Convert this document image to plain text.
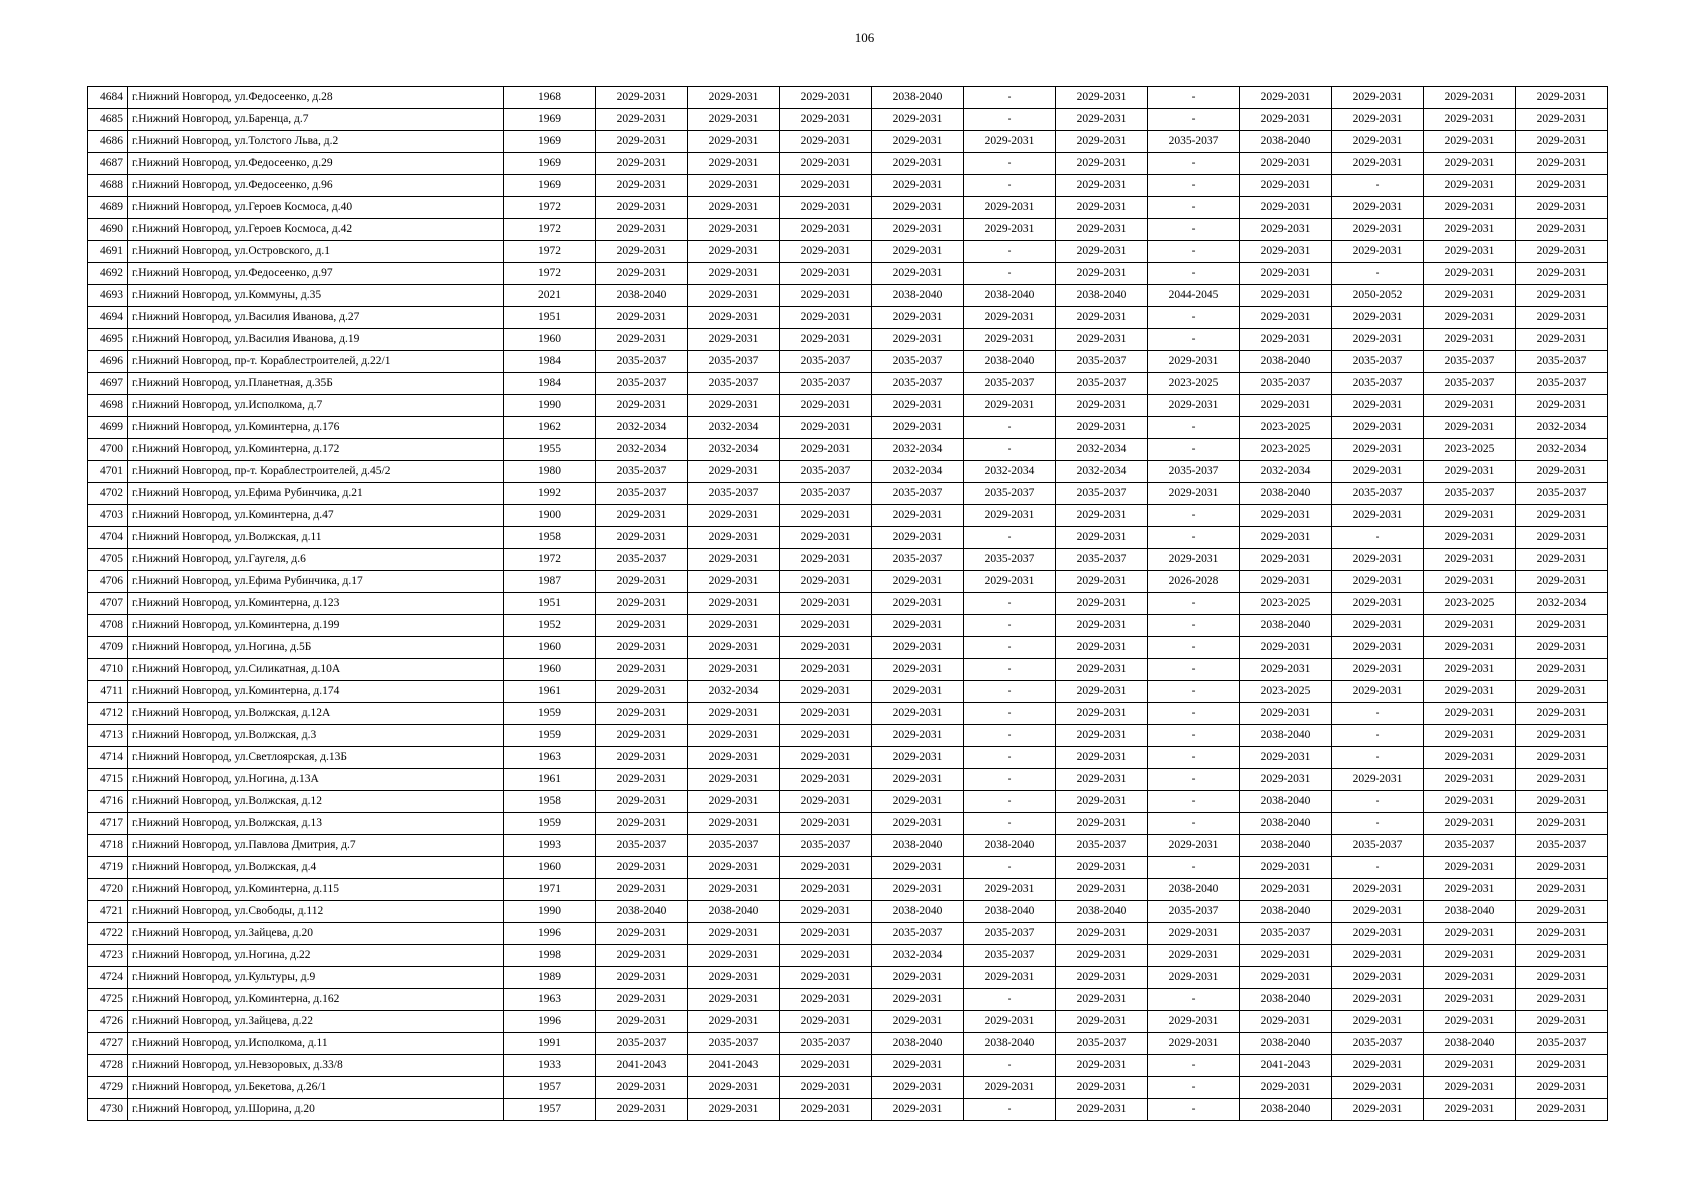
106
4684	г.Нижний Новгород, ул.Федосеенко, д.28	1968	2029-2031	2029-2031	2029-2031	2038-2040	-	2029-2031	-	2029-2031	2029-2031	2029-2031	2029-2031
4685	г.Нижний Новгород, ул.Баренца, д.7	1969	2029-2031	2029-2031	2029-2031	2029-2031	-	2029-2031	-	2029-2031	2029-2031	2029-2031	2029-2031
4686	г.Нижний Новгород, ул.Толстого Льва, д.2	1969	2029-2031	2029-2031	2029-2031	2029-2031	2029-2031	2029-2031	2035-2037	2038-2040	2029-2031	2029-2031	2029-2031
4687	г.Нижний Новгород, ул.Федосеенко, д.29	1969	2029-2031	2029-2031	2029-2031	2029-2031	-	2029-2031	-	2029-2031	2029-2031	2029-2031	2029-2031
4688	г.Нижний Новгород, ул.Федосеенко, д.96	1969	2029-2031	2029-2031	2029-2031	2029-2031	-	2029-2031	-	2029-2031	-	2029-2031	2029-2031
4689	г.Нижний Новгород, ул.Героев Космоса, д.40	1972	2029-2031	2029-2031	2029-2031	2029-2031	2029-2031	2029-2031	-	2029-2031	2029-2031	2029-2031	2029-2031
4690	г.Нижний Новгород, ул.Героев Космоса, д.42	1972	2029-2031	2029-2031	2029-2031	2029-2031	2029-2031	2029-2031	-	2029-2031	2029-2031	2029-2031	2029-2031
4691	г.Нижний Новгород, ул.Островского, д.1	1972	2029-2031	2029-2031	2029-2031	2029-2031	-	2029-2031	-	2029-2031	2029-2031	2029-2031	2029-2031
4692	г.Нижний Новгород, ул.Федосеенко, д.97	1972	2029-2031	2029-2031	2029-2031	2029-2031	-	2029-2031	-	2029-2031	-	2029-2031	2029-2031
4693	г.Нижний Новгород, ул.Коммуны, д.35	2021	2038-2040	2029-2031	2029-2031	2038-2040	2038-2040	2038-2040	2044-2045	2029-2031	2050-2052	2029-2031	2029-2031
4694	г.Нижний Новгород, ул.Василия Иванова, д.27	1951	2029-2031	2029-2031	2029-2031	2029-2031	2029-2031	2029-2031	-	2029-2031	2029-2031	2029-2031	2029-2031
4695	г.Нижний Новгород, ул.Василия Иванова, д.19	1960	2029-2031	2029-2031	2029-2031	2029-2031	2029-2031	2029-2031	-	2029-2031	2029-2031	2029-2031	2029-2031
4696	г.Нижний Новгород, пр-т. Кораблестроителей, д.22/1	1984	2035-2037	2035-2037	2035-2037	2035-2037	2038-2040	2035-2037	2029-2031	2038-2040	2035-2037	2035-2037	2035-2037
4697	г.Нижний Новгород, ул.Планетная, д.35Б	1984	2035-2037	2035-2037	2035-2037	2035-2037	2035-2037	2035-2037	2023-2025	2035-2037	2035-2037	2035-2037	2035-2037
4698	г.Нижний Новгород, ул.Исполкома, д.7	1990	2029-2031	2029-2031	2029-2031	2029-2031	2029-2031	2029-2031	2029-2031	2029-2031	2029-2031	2029-2031	2029-2031
4699	г.Нижний Новгород, ул.Коминтерна, д.176	1962	2032-2034	2032-2034	2029-2031	2029-2031	-	2029-2031	-	2023-2025	2029-2031	2029-2031	2032-2034
4700	г.Нижний Новгород, ул.Коминтерна, д.172	1955	2032-2034	2032-2034	2029-2031	2032-2034	-	2032-2034	-	2023-2025	2029-2031	2023-2025	2032-2034
4701	г.Нижний Новгород, пр-т. Кораблестроителей, д.45/2	1980	2035-2037	2029-2031	2035-2037	2032-2034	2032-2034	2032-2034	2035-2037	2032-2034	2029-2031	2029-2031	2029-2031
4702	г.Нижний Новгород, ул.Ефима Рубинчика, д.21	1992	2035-2037	2035-2037	2035-2037	2035-2037	2035-2037	2035-2037	2029-2031	2038-2040	2035-2037	2035-2037	2035-2037
4703	г.Нижний Новгород, ул.Коминтерна, д.47	1900	2029-2031	2029-2031	2029-2031	2029-2031	2029-2031	2029-2031	-	2029-2031	2029-2031	2029-2031	2029-2031
4704	г.Нижний Новгород, ул.Волжская, д.11	1958	2029-2031	2029-2031	2029-2031	2029-2031	-	2029-2031	-	2029-2031	-	2029-2031	2029-2031
4705	г.Нижний Новгород, ул.Гаугеля, д.6	1972	2035-2037	2029-2031	2029-2031	2035-2037	2035-2037	2035-2037	2029-2031	2029-2031	2029-2031	2029-2031	2029-2031
4706	г.Нижний Новгород, ул.Ефима Рубинчика, д.17	1987	2029-2031	2029-2031	2029-2031	2029-2031	2029-2031	2029-2031	2026-2028	2029-2031	2029-2031	2029-2031	2029-2031
4707	г.Нижний Новгород, ул.Коминтерна, д.123	1951	2029-2031	2029-2031	2029-2031	2029-2031	-	2029-2031	-	2023-2025	2029-2031	2023-2025	2032-2034
4708	г.Нижний Новгород, ул.Коминтерна, д.199	1952	2029-2031	2029-2031	2029-2031	2029-2031	-	2029-2031	-	2038-2040	2029-2031	2029-2031	2029-2031
4709	г.Нижний Новгород, ул.Ногина, д.5Б	1960	2029-2031	2029-2031	2029-2031	2029-2031	-	2029-2031	-	2029-2031	2029-2031	2029-2031	2029-2031
4710	г.Нижний Новгород, ул.Силикатная, д.10А	1960	2029-2031	2029-2031	2029-2031	2029-2031	-	2029-2031	-	2029-2031	2029-2031	2029-2031	2029-2031
4711	г.Нижний Новгород, ул.Коминтерна, д.174	1961	2029-2031	2032-2034	2029-2031	2029-2031	-	2029-2031	-	2023-2025	2029-2031	2029-2031	2029-2031
4712	г.Нижний Новгород, ул.Волжская, д.12А	1959	2029-2031	2029-2031	2029-2031	2029-2031	-	2029-2031	-	2029-2031	-	2029-2031	2029-2031
4713	г.Нижний Новгород, ул.Волжская, д.3	1959	2029-2031	2029-2031	2029-2031	2029-2031	-	2029-2031	-	2038-2040	-	2029-2031	2029-2031
4714	г.Нижний Новгород, ул.Светлоярская, д.13Б	1963	2029-2031	2029-2031	2029-2031	2029-2031	-	2029-2031	-	2029-2031	-	2029-2031	2029-2031
4715	г.Нижний Новгород, ул.Ногина, д.13А	1961	2029-2031	2029-2031	2029-2031	2029-2031	-	2029-2031	-	2029-2031	2029-2031	2029-2031	2029-2031
4716	г.Нижний Новгород, ул.Волжская, д.12	1958	2029-2031	2029-2031	2029-2031	2029-2031	-	2029-2031	-	2038-2040	-	2029-2031	2029-2031
4717	г.Нижний Новгород, ул.Волжская, д.13	1959	2029-2031	2029-2031	2029-2031	2029-2031	-	2029-2031	-	2038-2040	-	2029-2031	2029-2031
4718	г.Нижний Новгород, ул.Павлова Дмитрия, д.7	1993	2035-2037	2035-2037	2035-2037	2038-2040	2038-2040	2035-2037	2029-2031	2038-2040	2035-2037	2035-2037	2035-2037
4719	г.Нижний Новгород, ул.Волжская, д.4	1960	2029-2031	2029-2031	2029-2031	2029-2031	-	2029-2031	-	2029-2031	-	2029-2031	2029-2031
4720	г.Нижний Новгород, ул.Коминтерна, д.115	1971	2029-2031	2029-2031	2029-2031	2029-2031	2029-2031	2029-2031	2038-2040	2029-2031	2029-2031	2029-2031	2029-2031
4721	г.Нижний Новгород, ул.Свободы, д.112	1990	2038-2040	2038-2040	2029-2031	2038-2040	2038-2040	2038-2040	2035-2037	2038-2040	2029-2031	2038-2040	2029-2031
4722	г.Нижний Новгород, ул.Зайцева, д.20	1996	2029-2031	2029-2031	2029-2031	2035-2037	2035-2037	2029-2031	2029-2031	2035-2037	2029-2031	2029-2031	2029-2031
4723	г.Нижний Новгород, ул.Ногина, д.22	1998	2029-2031	2029-2031	2029-2031	2032-2034	2035-2037	2029-2031	2029-2031	2029-2031	2029-2031	2029-2031	2029-2031
4724	г.Нижний Новгород, ул.Культуры, д.9	1989	2029-2031	2029-2031	2029-2031	2029-2031	2029-2031	2029-2031	2029-2031	2029-2031	2029-2031	2029-2031	2029-2031
4725	г.Нижний Новгород, ул.Коминтерна, д.162	1963	2029-2031	2029-2031	2029-2031	2029-2031	-	2029-2031	-	2038-2040	2029-2031	2029-2031	2029-2031
4726	г.Нижний Новгород, ул.Зайцева, д.22	1996	2029-2031	2029-2031	2029-2031	2029-2031	2029-2031	2029-2031	2029-2031	2029-2031	2029-2031	2029-2031	2029-2031
4727	г.Нижний Новгород, ул.Исполкома, д.11	1991	2035-2037	2035-2037	2035-2037	2038-2040	2038-2040	2035-2037	2029-2031	2038-2040	2035-2037	2038-2040	2035-2037
4728	г.Нижний Новгород, ул.Невзоровых, д.33/8	1933	2041-2043	2041-2043	2029-2031	2029-2031	-	2029-2031	-	2041-2043	2029-2031	2029-2031	2029-2031
4729	г.Нижний Новгород, ул.Бекетова, д.26/1	1957	2029-2031	2029-2031	2029-2031	2029-2031	2029-2031	2029-2031	-	2029-2031	2029-2031	2029-2031	2029-2031
4730	г.Нижний Новгород, ул.Шорина, д.20	1957	2029-2031	2029-2031	2029-2031	2029-2031	-	2029-2031	-	2038-2040	2029-2031	2029-2031	2029-2031
